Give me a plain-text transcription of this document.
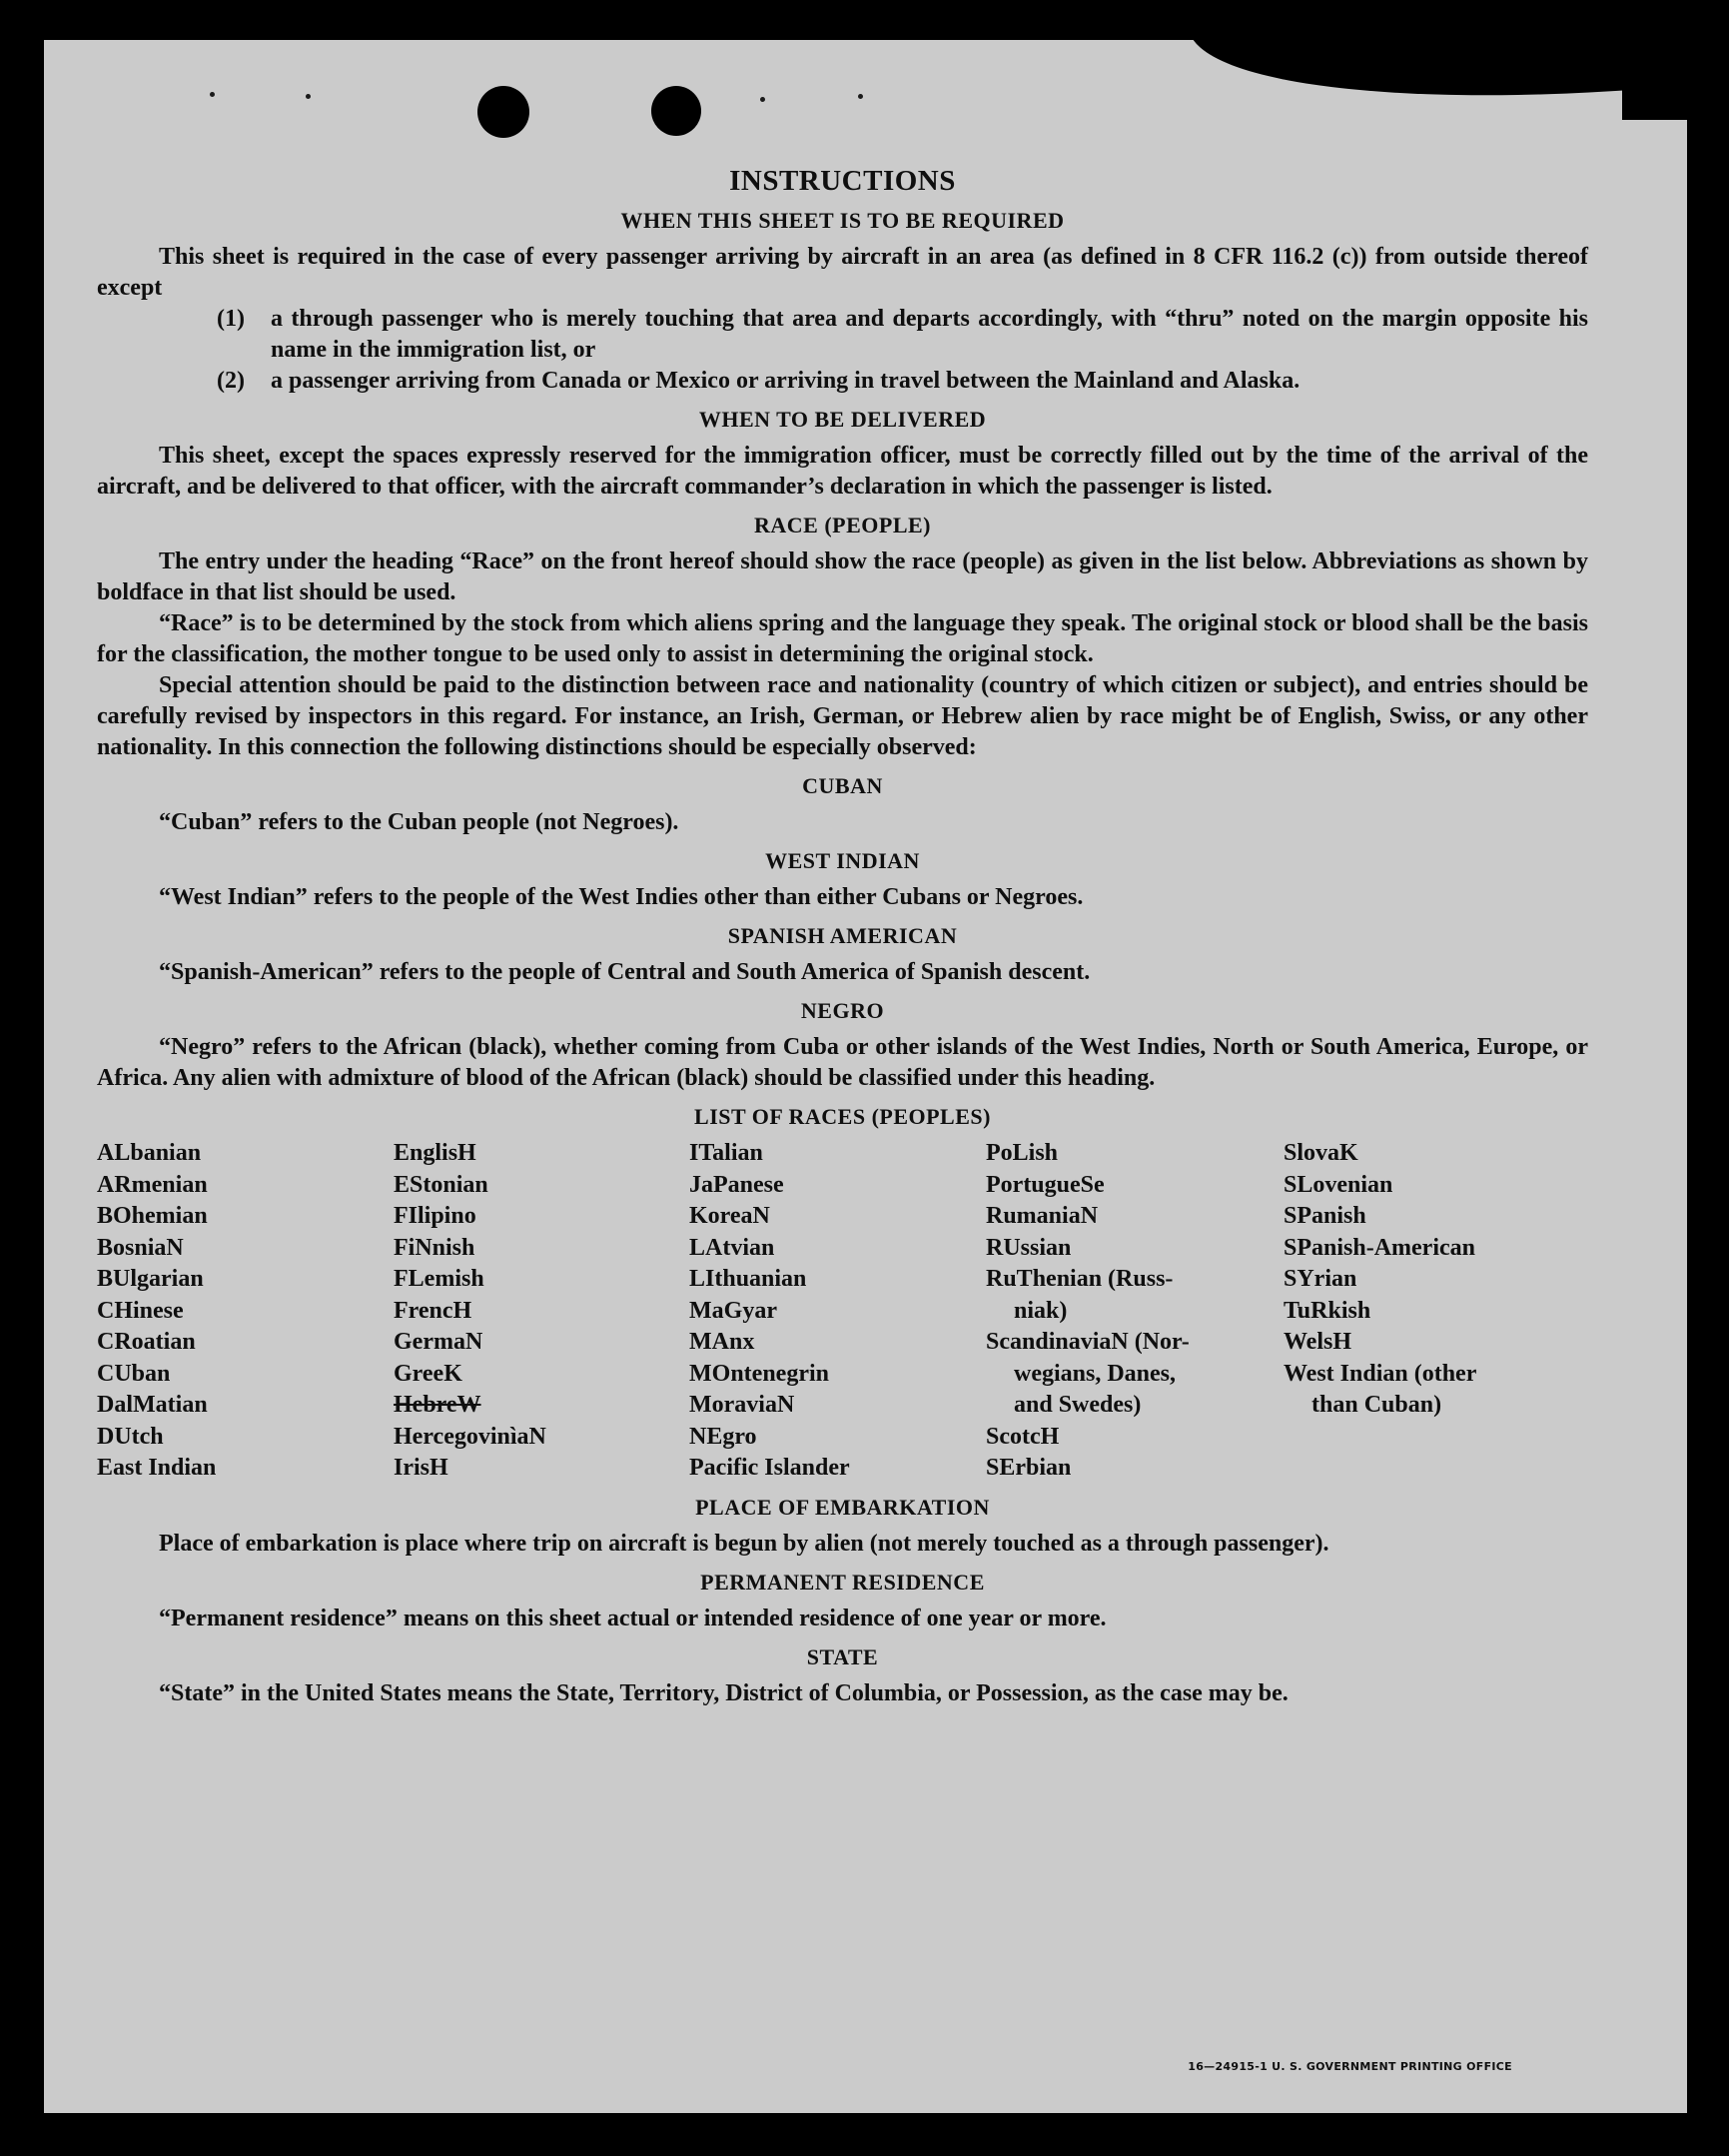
INSTRUCTIONS
WHEN THIS SHEET IS TO BE REQUIRED

This sheet is required in the case of every passenger arriving by aircraft in an area (as defined in 8 CFR 116.2 (c)) from outside thereof except

(1)	a through passenger who is merely touching that area and departs accordingly, with “thru” noted on the margin opposite his name in the immigration list, or
(2)	a passenger arriving from Canada or Mexico or arriving in travel between the Mainland and Alaska.
WHEN TO BE DELIVERED

This sheet, except the spaces expressly reserved for the immigration officer, must be correctly filled out by the time of the arrival of the aircraft, and be delivered to that officer, with the aircraft commander’s declaration in which the passenger is listed.

RACE (PEOPLE)

The entry under the heading “Race” on the front hereof should show the race (people) as given in the list below. Abbreviations as shown by boldface in that list should be used.

“Race” is to be determined by the stock from which aliens spring and the language they speak. The original stock or blood shall be the basis for the classification, the mother tongue to be used only to assist in determining the original stock.

Special attention should be paid to the distinction between race and nationality (country of which citizen or subject), and entries should be carefully revised by inspectors in this regard. For instance, an Irish, German, or Hebrew alien by race might be of English, Swiss, or any other nationality. In this connection the following distinctions should be especially observed:

CUBAN
“Cuban” refers to the Cuban people (not Negroes).
WEST INDIAN
“West Indian” refers to the people of the West Indies other than either Cubans or Negroes.
SPANISH AMERICAN
“Spanish-American” refers to the people of Central and South America of Spanish descent.
NEGRO

“Negro” refers to the African (black), whether coming from Cuba or other islands of the West Indies, North or South America, Europe, or Africa. Any alien with admixture of blood of the African (black) should be classified under this heading.

LIST OF RACES (PEOPLES)
ALbanian
ARmenian
BOhemian
BosniaN
BUlgarian
CHinese
CRoatian
CUban
DalMatian
DUtch
East Indian
EnglisH
EStonian
FIlipino
FiNnish
FLemish
FrencH
GermaN
GreeK
HebreW
HercegovinìaN
IrisH
ITalian
JaPanese
KoreaN
LAtvian
LIthuanian
MaGyar
MAnx
MOntenegrin
MoraviaN
NEgro
Pacific Islander
PoLish
PortugueSe
RumaniaN
RUssian
RuThenian (Russ-
niak)
ScandinaviaN (Nor-
wegians, Danes,
and Swedes)
ScotcH
SErbian
SlovaK
SLovenian
SPanish
SPanish-American
SYrian
TuRkish
WelsH
West Indian (other
than Cuban)
PLACE OF EMBARKATION

Place of embarkation is place where trip on aircraft is begun by alien (not merely touched as a through passenger).

PERMANENT RESIDENCE
“Permanent residence” means on this sheet actual or intended residence of one year or more.
STATE

“State” in the United States means the State, Territory, District of Columbia, or Possession, as the case may be.

16—24915-1 U. S. GOVERNMENT PRINTING OFFICE
